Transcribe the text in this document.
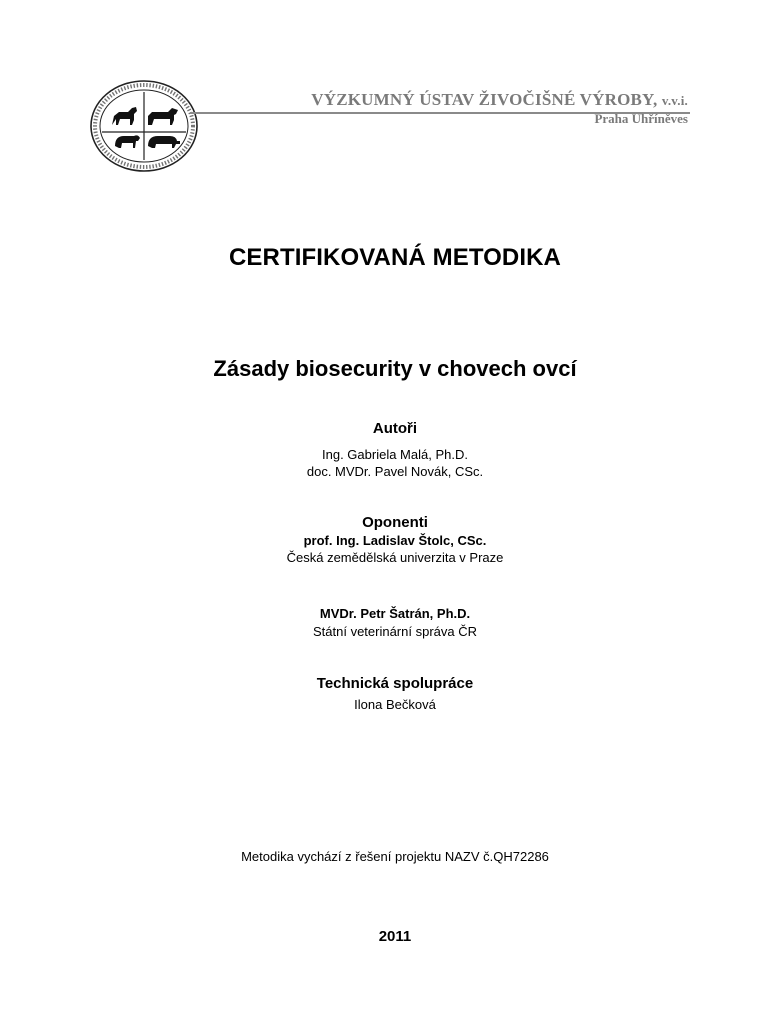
VÝZKUMNÝ ÚSTAV ŽIVOČIŠNÉ VÝROBY, v.v.i.
Praha Uhříněves
CERTIFIKOVANÁ METODIKA
Zásady biosecurity v chovech ovcí
Autoři
Ing. Gabriela Malá, Ph.D.
doc. MVDr. Pavel Novák, CSc.
Oponenti
prof. Ing. Ladislav Štolc, CSc.
Česká zemědělská univerzita v Praze
MVDr. Petr Šatrán, Ph.D.
Státní veterinární správa ČR
Technická spolupráce
Ilona Bečková
Metodika vychází z řešení projektu NAZV č.QH72286
2011
